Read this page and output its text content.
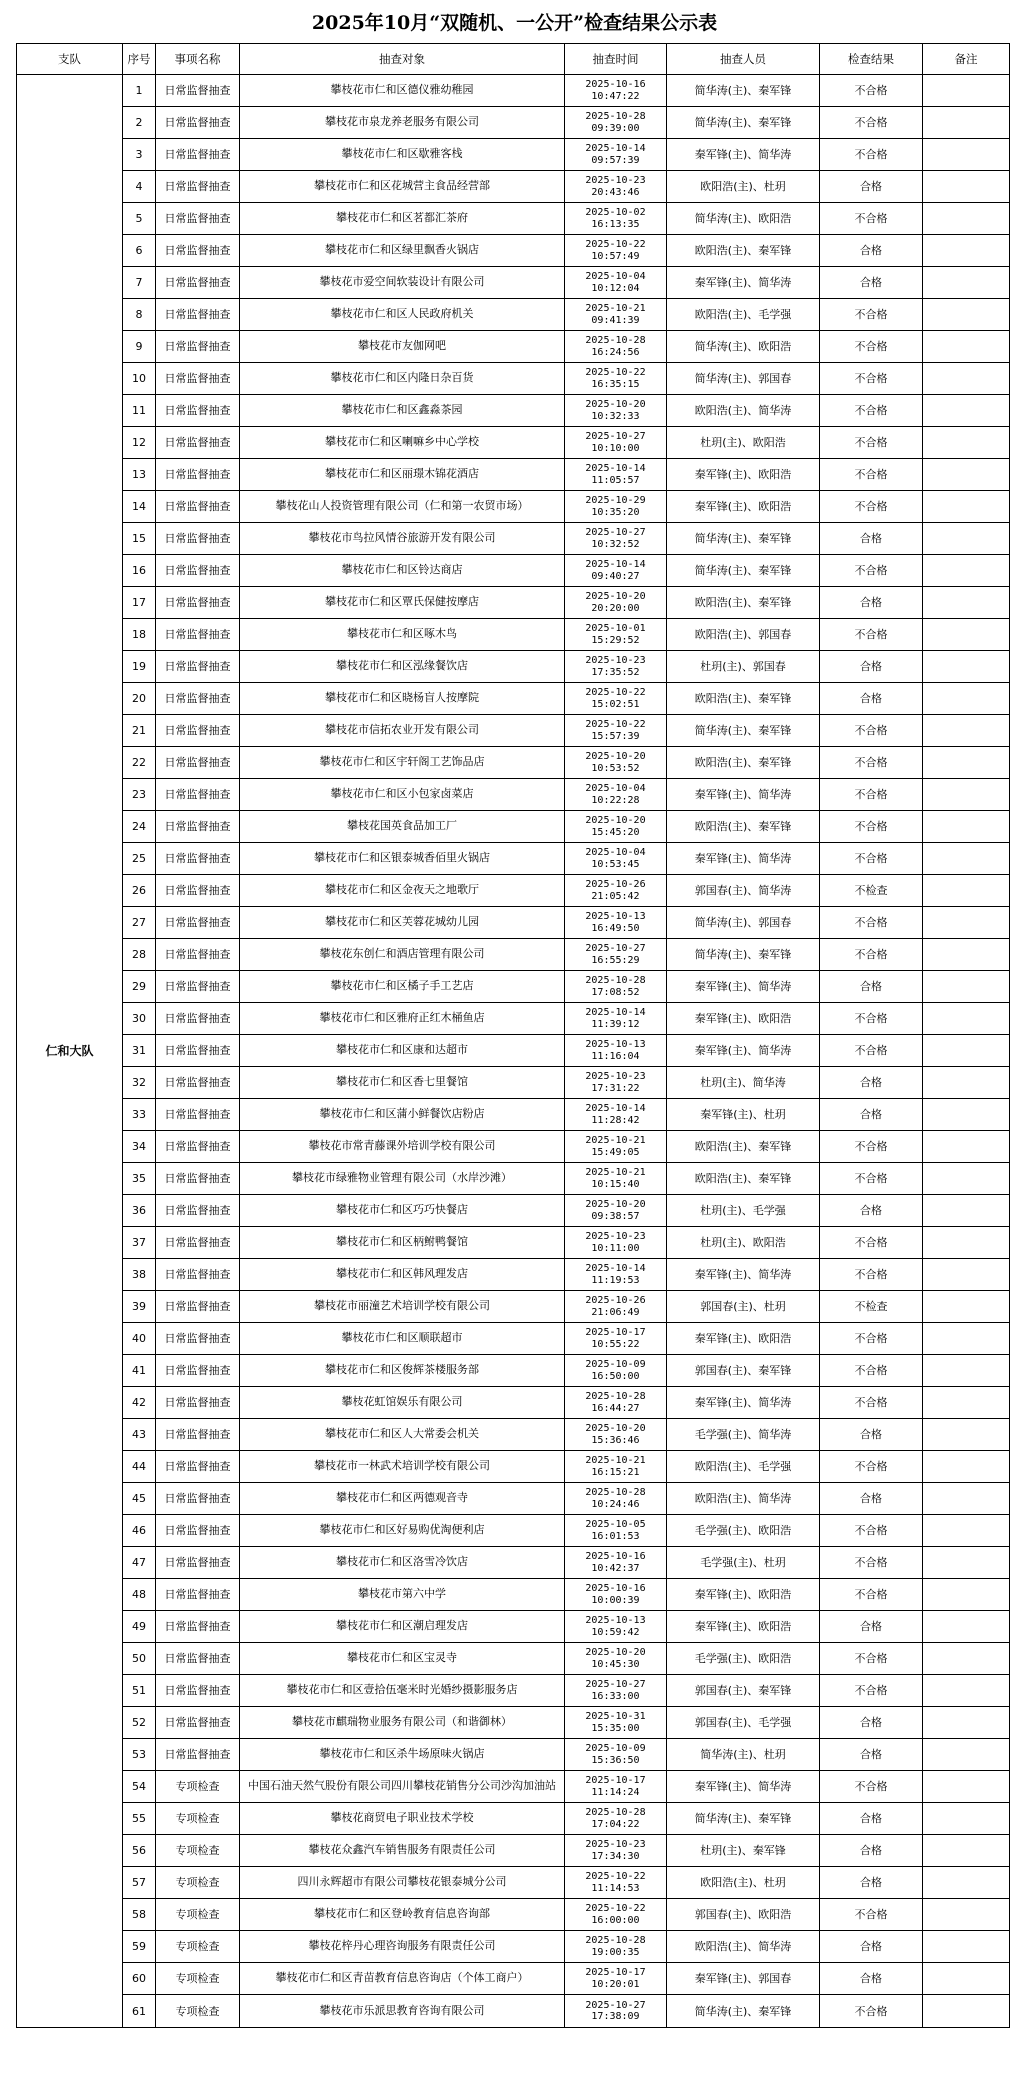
2025年10月“双随机、一公开”检查结果公示表
支队	序号	事项名称	抽查对象	抽查时间	抽查人员	检查结果	备注
仁和大队	1	日常监督抽查	攀枝花市仁和区德仪雅幼稚园	2025-10-16
10:47:22	简华涛(主)、秦军锋	不合格	
	2	日常监督抽查	攀枝花市泉龙养老服务有限公司	2025-10-28
09:39:00	简华涛(主)、秦军锋	不合格	
	3	日常监督抽查	攀枝花市仁和区歇雅客栈	2025-10-14
09:57:39	秦军锋(主)、简华涛	不合格	
	4	日常监督抽查	攀枝花市仁和区花城营主食品经营部	2025-10-23
20:43:46	欧阳浩(主)、杜玥	合格	
	5	日常监督抽查	攀枝花市仁和区茗都汇茶府	2025-10-02
16:13:35	简华涛(主)、欧阳浩	不合格	
	6	日常监督抽查	攀枝花市仁和区绿里飘香火锅店	2025-10-22
10:57:49	欧阳浩(主)、秦军锋	合格	
	7	日常监督抽查	攀枝花市爱空间软装设计有限公司	2025-10-04
10:12:04	秦军锋(主)、简华涛	合格	
	8	日常监督抽查	攀枝花市仁和区人民政府机关	2025-10-21
09:41:39	欧阳浩(主)、毛学强	不合格	
	9	日常监督抽查	攀枝花市友伽网吧	2025-10-28
16:24:56	简华涛(主)、欧阳浩	不合格	
	10	日常监督抽查	攀枝花市仁和区内隆日杂百货	2025-10-22
16:35:15	简华涛(主)、郭国春	不合格	
	11	日常监督抽查	攀枝花市仁和区鑫淼茶园	2025-10-20
10:32:33	欧阳浩(主)、简华涛	不合格	
	12	日常监督抽查	攀枝花市仁和区喇嘛乡中心学校	2025-10-27
10:10:00	杜玥(主)、欧阳浩	不合格	
	13	日常监督抽查	攀枝花市仁和区丽璟木锦花酒店	2025-10-14
11:05:57	秦军锋(主)、欧阳浩	不合格	
	14	日常监督抽查	攀枝花山人投资管理有限公司（仁和第一农贸市场）	2025-10-29
10:35:20	秦军锋(主)、欧阳浩	不合格	
	15	日常监督抽查	攀枝花市鸟拉风情谷旅游开发有限公司	2025-10-27
10:32:52	简华涛(主)、秦军锋	合格	
	16	日常监督抽查	攀枝花市仁和区铃达商店	2025-10-14
09:40:27	简华涛(主)、秦军锋	不合格	
	17	日常监督抽查	攀枝花市仁和区覃氏保健按摩店	2025-10-20
20:20:00	欧阳浩(主)、秦军锋	合格	
	18	日常监督抽查	攀枝花市仁和区啄木鸟	2025-10-01
15:29:52	欧阳浩(主)、郭国春	不合格	
	19	日常监督抽查	攀枝花市仁和区泓缘餐饮店	2025-10-23
17:35:52	杜玥(主)、郭国春	合格	
	20	日常监督抽查	攀枝花市仁和区晓杨盲人按摩院	2025-10-22
15:02:51	欧阳浩(主)、秦军锋	合格	
	21	日常监督抽查	攀枝花市信拓农业开发有限公司	2025-10-22
15:57:39	简华涛(主)、秦军锋	不合格	
	22	日常监督抽查	攀枝花市仁和区宇轩阁工艺饰品店	2025-10-20
10:53:52	欧阳浩(主)、秦军锋	不合格	
	23	日常监督抽查	攀枝花市仁和区小包家卤菜店	2025-10-04
10:22:28	秦军锋(主)、简华涛	不合格	
	24	日常监督抽查	攀枝花国英食品加工厂	2025-10-20
15:45:20	欧阳浩(主)、秦军锋	不合格	
	25	日常监督抽查	攀枝花市仁和区银泰城香佰里火锅店	2025-10-04
10:53:45	秦军锋(主)、简华涛	不合格	
	26	日常监督抽查	攀枝花市仁和区金夜天之地歌厅	2025-10-26
21:05:42	郭国春(主)、简华涛	不检查	
	27	日常监督抽查	攀枝花市仁和区芙蓉花城幼儿园	2025-10-13
16:49:50	简华涛(主)、郭国春	不合格	
	28	日常监督抽查	攀枝花东创仁和酒店管理有限公司	2025-10-27
16:55:29	简华涛(主)、秦军锋	不合格	
	29	日常监督抽查	攀枝花市仁和区橘子手工艺店	2025-10-28
17:08:52	秦军锋(主)、简华涛	合格	
	30	日常监督抽查	攀枝花市仁和区雅府正红木桶鱼店	2025-10-14
11:39:12	秦军锋(主)、欧阳浩	不合格	
	31	日常监督抽查	攀枝花市仁和区康和达超市	2025-10-13
11:16:04	秦军锋(主)、简华涛	不合格	
	32	日常监督抽查	攀枝花市仁和区香七里餐馆	2025-10-23
17:31:22	杜玥(主)、简华涛	合格	
	33	日常监督抽查	攀枝花市仁和区蒲小鲜餐饮店粉店	2025-10-14
11:28:42	秦军锋(主)、杜玥	合格	
	34	日常监督抽查	攀枝花市常青藤课外培训学校有限公司	2025-10-21
15:49:05	欧阳浩(主)、秦军锋	不合格	
	35	日常监督抽查	攀枝花市绿雅物业管理有限公司（水岸沙滩）	2025-10-21
10:15:40	欧阳浩(主)、秦军锋	不合格	
	36	日常监督抽查	攀枝花市仁和区巧巧快餐店	2025-10-20
09:38:57	杜玥(主)、毛学强	合格	
	37	日常监督抽查	攀枝花市仁和区柄鲋鸭餐馆	2025-10-23
10:11:00	杜玥(主)、欧阳浩	不合格	
	38	日常监督抽查	攀枝花市仁和区韩风理发店	2025-10-14
11:19:53	秦军锋(主)、简华涛	不合格	
	39	日常监督抽查	攀枝花市丽潼艺术培训学校有限公司	2025-10-26
21:06:49	郭国春(主)、杜玥	不检查	
	40	日常监督抽查	攀枝花市仁和区顺联超市	2025-10-17
10:55:22	秦军锋(主)、欧阳浩	不合格	
	41	日常监督抽查	攀枝花市仁和区俊辉茶楼服务部	2025-10-09
16:50:00	郭国春(主)、秦军锋	不合格	
	42	日常监督抽查	攀枝花虹馆娱乐有限公司	2025-10-28
16:44:27	秦军锋(主)、简华涛	不合格	
	43	日常监督抽查	攀枝花市仁和区人大常委会机关	2025-10-20
15:36:46	毛学强(主)、简华涛	合格	
	44	日常监督抽查	攀枝花市一林武术培训学校有限公司	2025-10-21
16:15:21	欧阳浩(主)、毛学强	不合格	
	45	日常监督抽查	攀枝花市仁和区两德观音寺	2025-10-28
10:24:46	欧阳浩(主)、简华涛	合格	
	46	日常监督抽查	攀枝花市仁和区好易购优淘便利店	2025-10-05
16:01:53	毛学强(主)、欧阳浩	不合格	
	47	日常监督抽查	攀枝花市仁和区洛雪冷饮店	2025-10-16
10:42:37	毛学强(主)、杜玥	不合格	
	48	日常监督抽查	攀枝花市第六中学	2025-10-16
10:00:39	秦军锋(主)、欧阳浩	不合格	
	49	日常监督抽查	攀枝花市仁和区潮启理发店	2025-10-13
10:59:42	秦军锋(主)、欧阳浩	合格	
	50	日常监督抽查	攀枝花市仁和区宝灵寺	2025-10-20
10:45:30	毛学强(主)、欧阳浩	不合格	
	51	日常监督抽查	攀枝花市仁和区壹拾伍毫米时光婚纱摄影服务店	2025-10-27
16:33:00	郭国春(主)、秦军锋	不合格	
	52	日常监督抽查	攀枝花市麒瑞物业服务有限公司（和谐御林）	2025-10-31
15:35:00	郭国春(主)、毛学强	合格	
	53	日常监督抽查	攀枝花市仁和区杀牛场原味火锅店	2025-10-09
15:36:50	简华涛(主)、杜玥	合格	
	54	专项检查	中国石油天然气股份有限公司四川攀枝花销售分公司沙沟加油站	2025-10-17
11:14:24	秦军锋(主)、简华涛	不合格	
	55	专项检查	攀枝花商贸电子职业技术学校	2025-10-28
17:04:22	简华涛(主)、秦军锋	合格	
	56	专项检查	攀枝花众鑫汽车销售服务有限责任公司	2025-10-23
17:34:30	杜玥(主)、秦军锋	合格	
	57	专项检查	四川永辉超市有限公司攀枝花银泰城分公司	2025-10-22
11:14:53	欧阳浩(主)、杜玥	合格	
	58	专项检查	攀枝花市仁和区登岭教育信息咨询部	2025-10-22
16:00:00	郭国春(主)、欧阳浩	不合格	
	59	专项检查	攀枝花梓丹心理咨询服务有限责任公司	2025-10-28
19:00:35	欧阳浩(主)、简华涛	合格	
	60	专项检查	攀枝花市仁和区青苗教育信息咨询店（个体工商户）	2025-10-17
10:20:01	秦军锋(主)、郭国春	合格	
	61	专项检查	攀枝花市乐派思教育咨询有限公司	2025-10-27
17:38:09	简华涛(主)、秦军锋	不合格	
